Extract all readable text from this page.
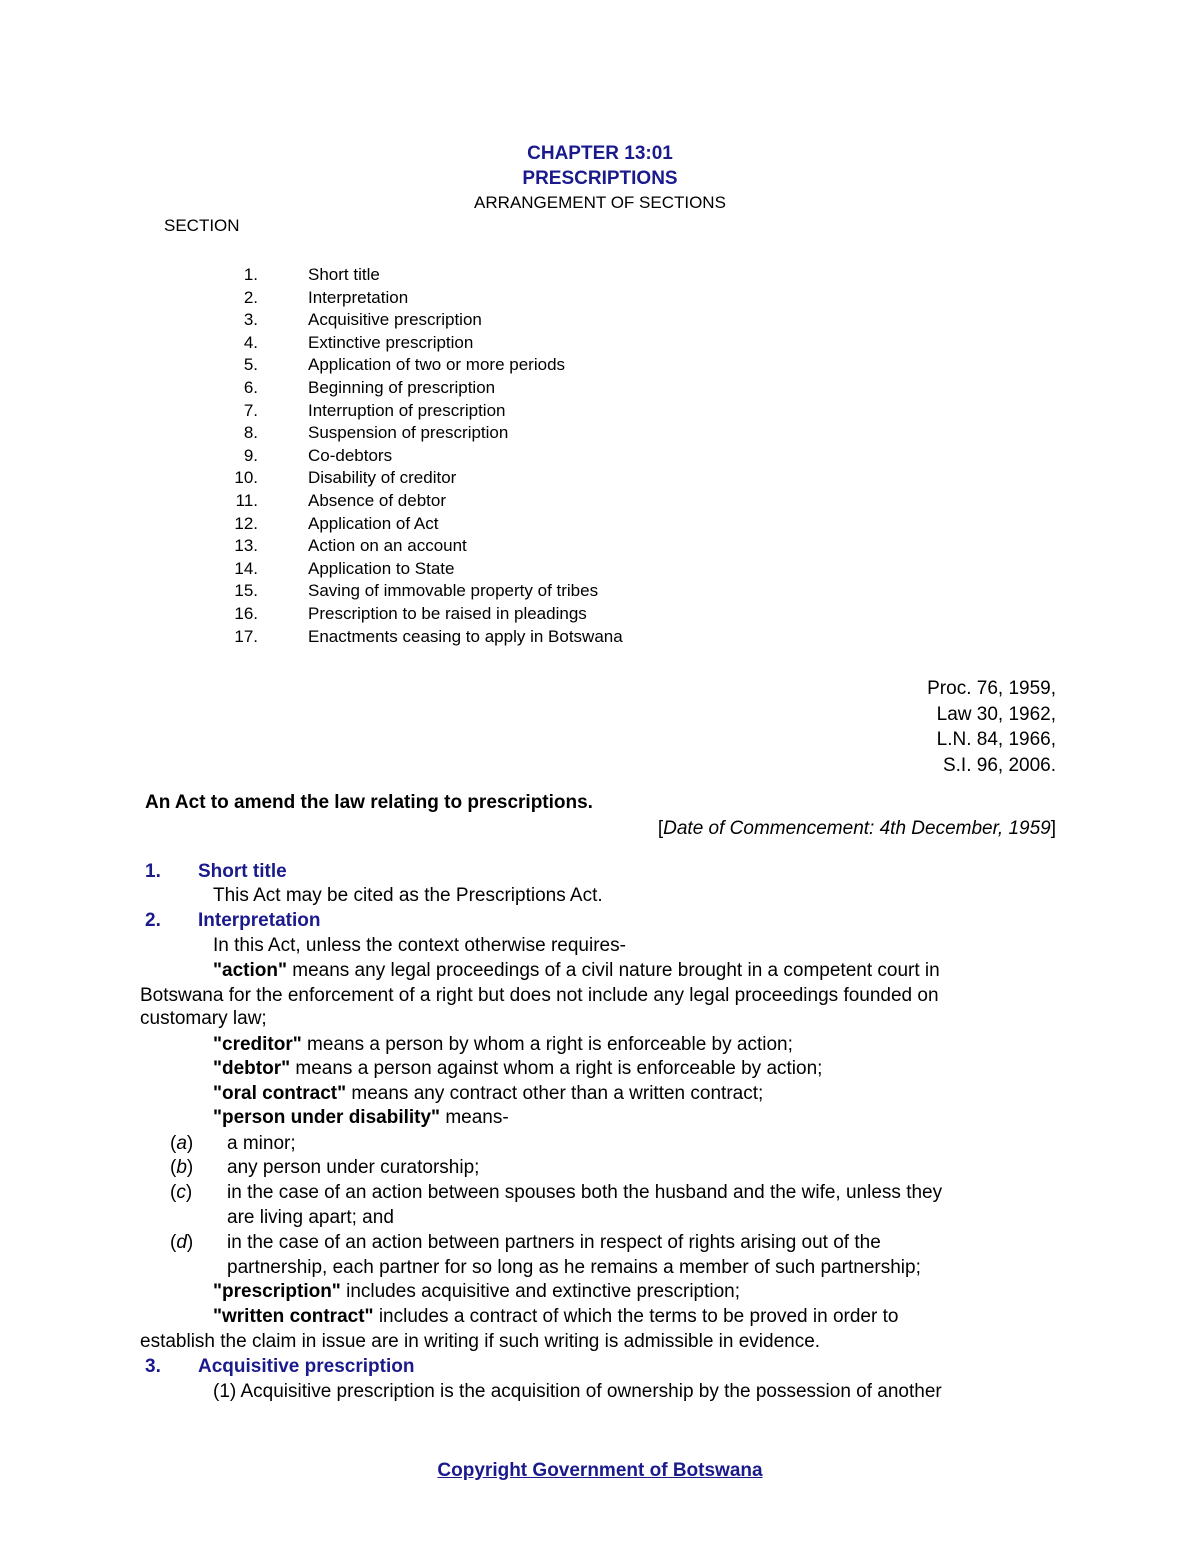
CHAPTER 13:01
PRESCRIPTIONS
ARRANGEMENT OF SECTIONS
SECTION
1.	Short title
2.	Interpretation
3.	Acquisitive prescription
4.	Extinctive prescription
5.	Application of two or more periods
6.	Beginning of prescription
7.	Interruption of prescription
8.	Suspension of prescription
9.	Co-debtors
10.	Disability of creditor
11.	Absence of debtor
12.	Application of Act
13.	Action on an account
14.	Application to State
15.	Saving of immovable property of tribes
16.	Prescription to be raised in pleadings
17.	Enactments ceasing to apply in Botswana
Proc. 76, 1959,
Law 30, 1962,
L.N. 84, 1966,
S.I. 96, 2006.
An Act to amend the law relating to prescriptions.
[Date of Commencement: 4th December, 1959]
1. Short title
This Act may be cited as the Prescriptions Act.
2. Interpretation
In this Act, unless the context otherwise requires-
"action" means any legal proceedings of a civil nature brought in a competent court in
Botswana for the enforcement of a right but does not include any legal proceedings founded on
customary law;
"creditor" means a person by whom a right is enforceable by action;
"debtor" means a person against whom a right is enforceable by action;
"oral contract" means any contract other than a written contract;
"person under disability" means-
(a) a minor;
(b) any person under curatorship;
(c) in the case of an action between spouses both the husband and the wife, unless they
are living apart; and
(d) in the case of an action between partners in respect of rights arising out of the
partnership, each partner for so long as he remains a member of such partnership;
"prescription" includes acquisitive and extinctive prescription;
"written contract" includes a contract of which the terms to be proved in order to
establish the claim in issue are in writing if such writing is admissible in evidence.
3. Acquisitive prescription
(1) Acquisitive prescription is the acquisition of ownership by the possession of another
Copyright Government of Botswana
